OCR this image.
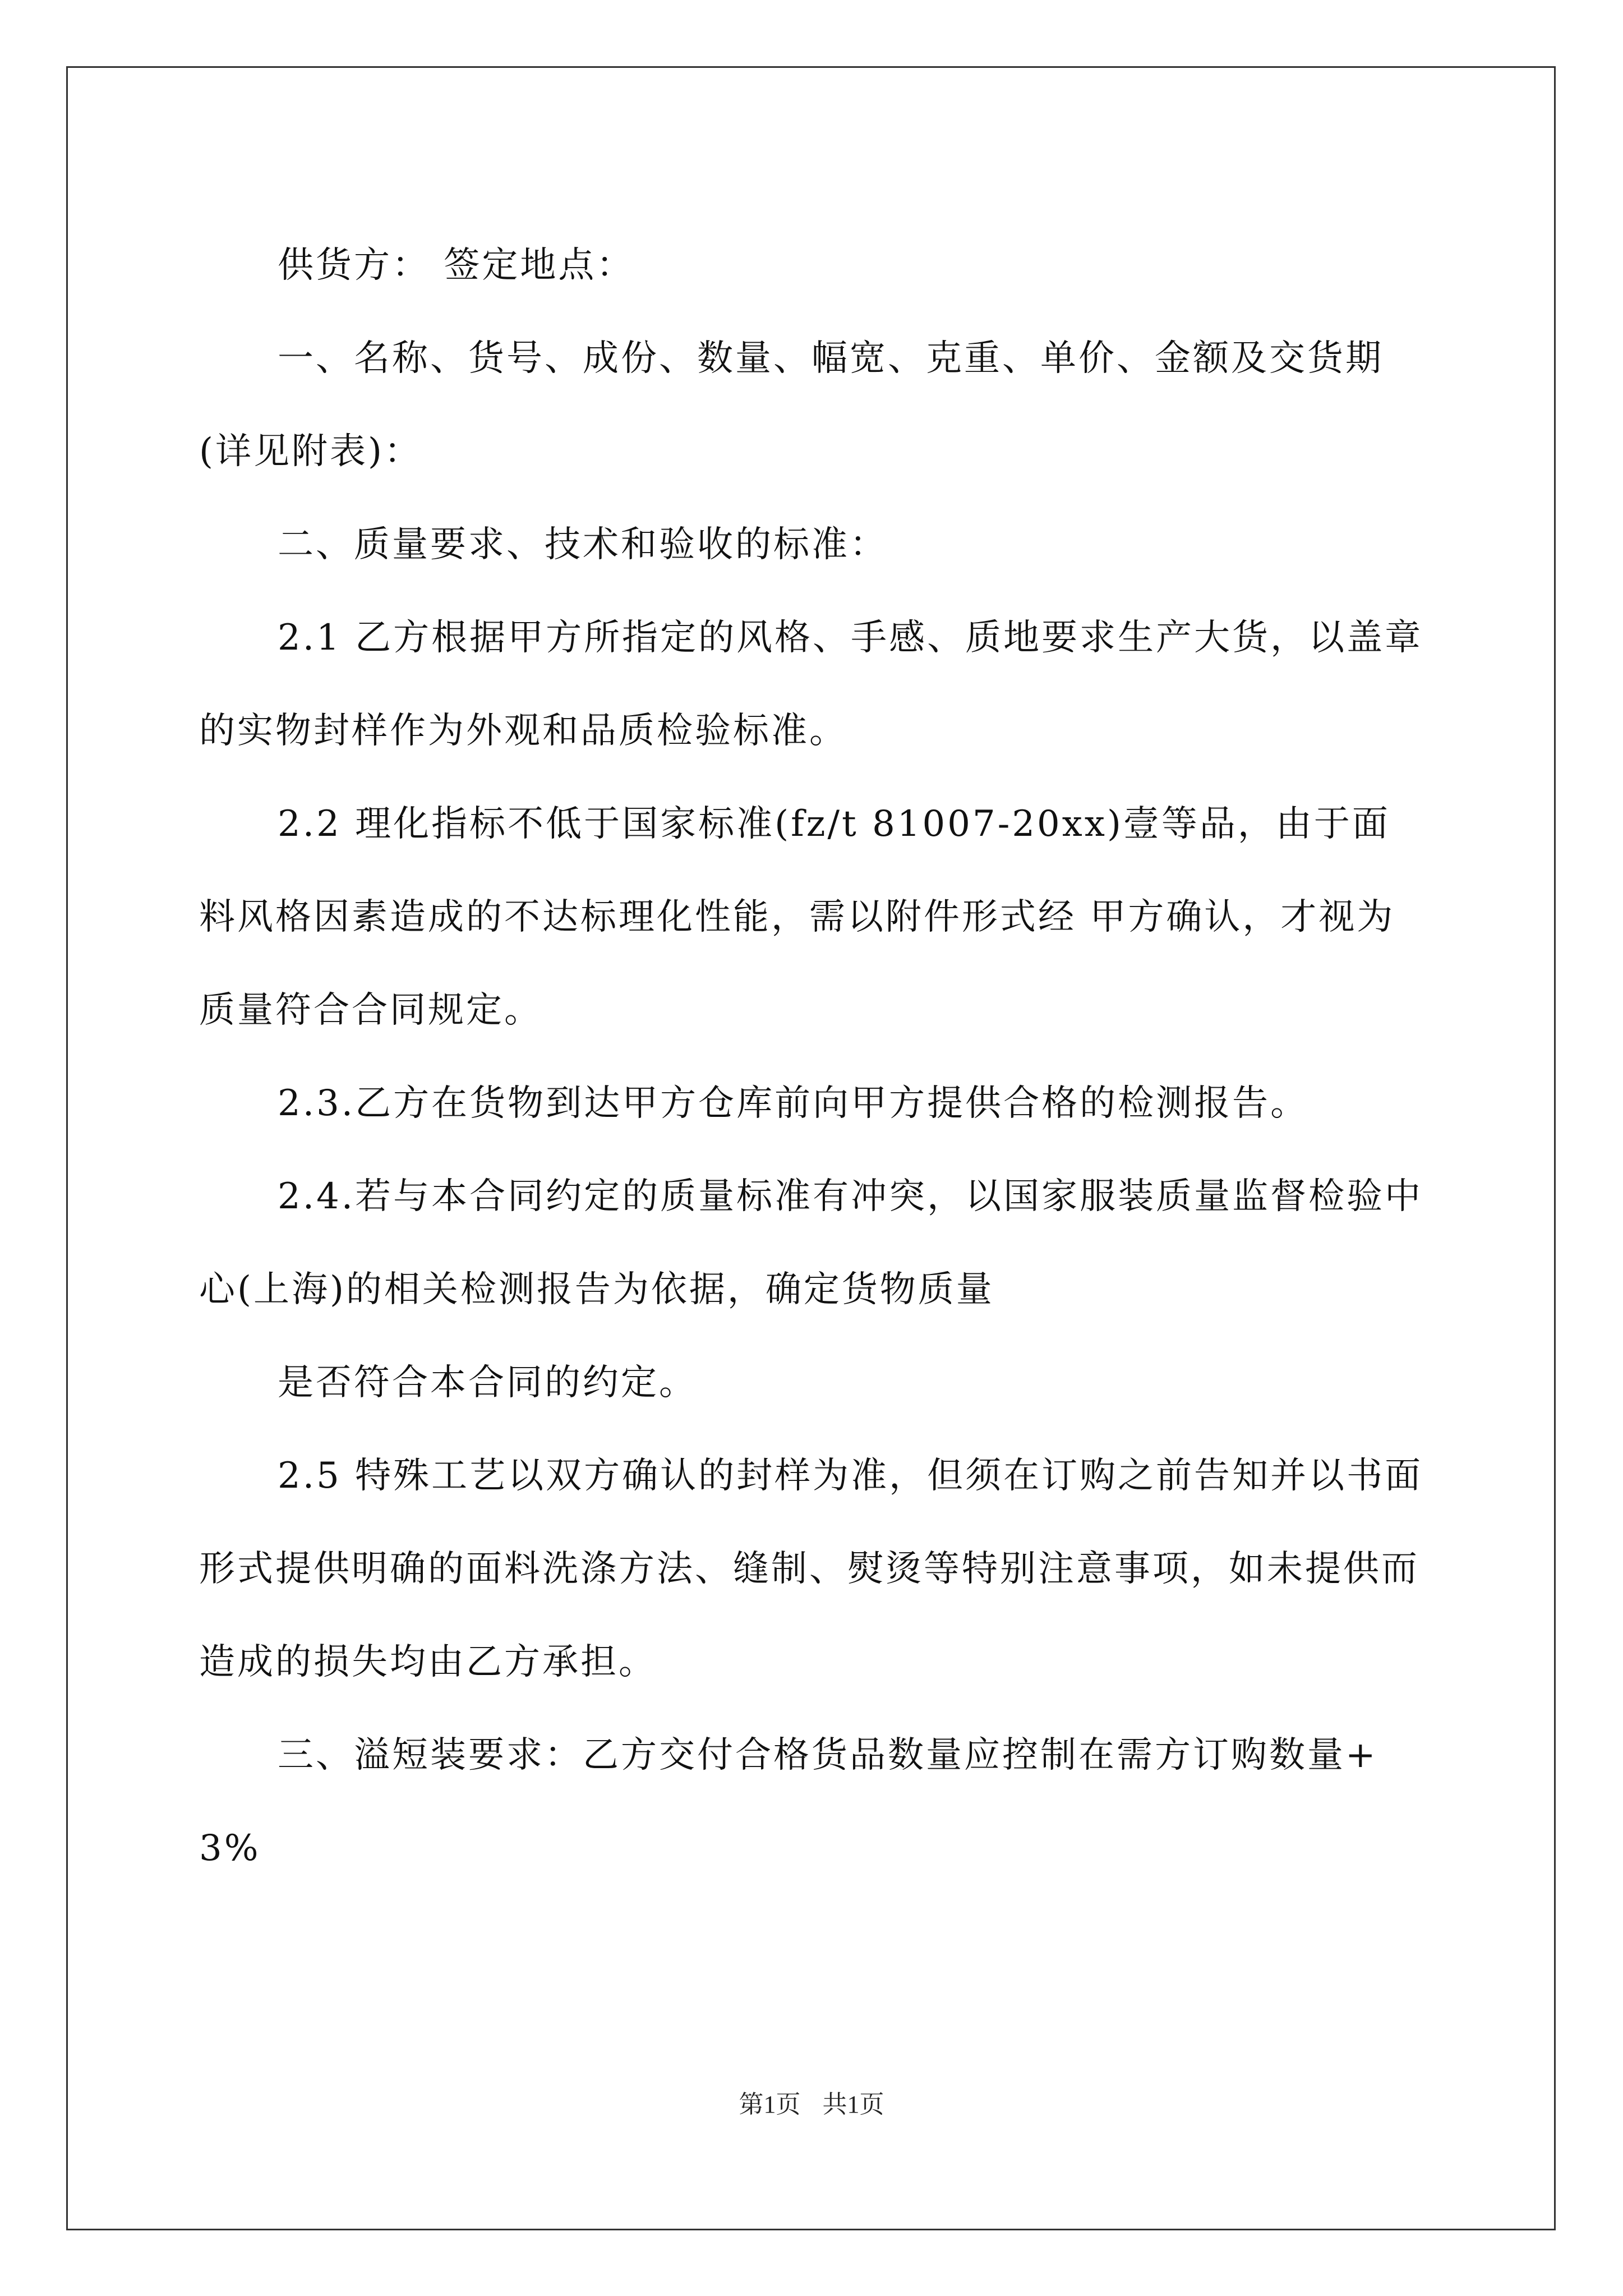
供货方： 签定地点：

一、名称、货号、成份、数量、幅宽、克重、单价、金额及交货期(详见附表)：

二、质量要求、技术和验收的标准：

2.1 乙方根据甲方所指定的风格、手感、质地要求生产大货，以盖章的实物封样作为外观和品质检验标准。

2.2 理化指标不低于国家标准(fz/t 81007-20xx)壹等品，由于面料风格因素造成的不达标理化性能，需以附件形式经 甲方确认，才视为质量符合合同规定。

2.3.乙方在货物到达甲方仓库前向甲方提供合格的检测报告。

2.4.若与本合同约定的质量标准有冲突，以国家服装质量监督检验中心(上海)的相关检测报告为依据，确定货物质量

是否符合本合同的约定。

2.5 特殊工艺以双方确认的封样为准，但须在订购之前告知并以书面形式提供明确的面料洗涤方法、缝制、熨烫等特别注意事项，如未提供而造成的损失均由乙方承担。

三、溢短装要求：乙方交付合格货品数量应控制在需方订购数量+3%

第1页 共1页
